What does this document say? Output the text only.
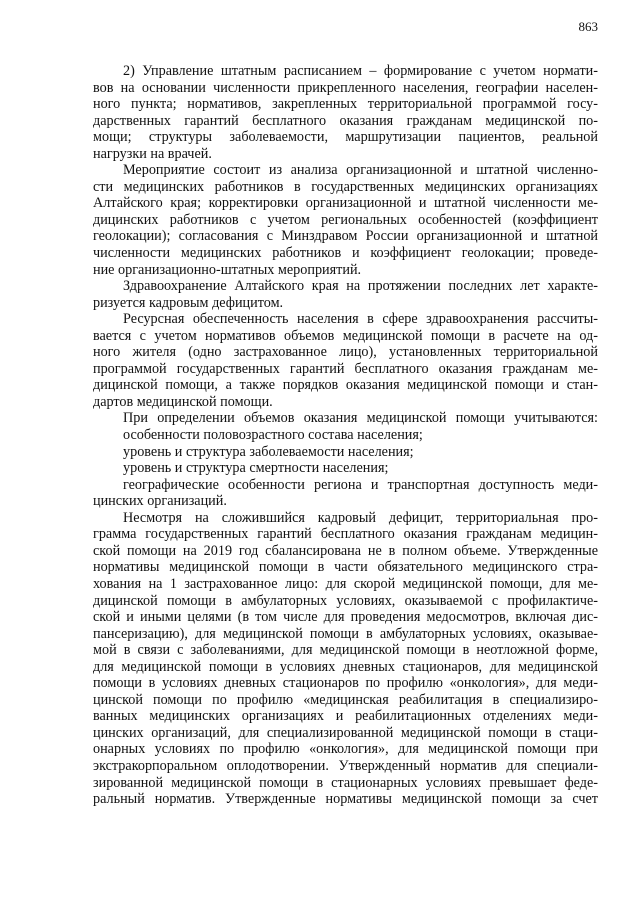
863
2) Управление штатным расписанием – формирование с учетом нормати-
вов на основании численности прикрепленного населения, географии населен-
ного пункта; нормативов, закрепленных территориальной программой госу-
дарственных гарантий бесплатного оказания гражданам медицинской по-
мощи; структуры заболеваемости, маршрутизации пациентов, реальной
нагрузки на врачей.
Мероприятие состоит из анализа организационной и штатной численно-
сти медицинских работников в государственных медицинских организациях
Алтайского края; корректировки организационной и штатной численности ме-
дицинских работников с учетом региональных особенностей (коэффициент
геолокации); согласования с Минздравом России организационной и штатной
численности медицинских работников и коэффициент геолокации; проведе-
ние организационно-штатных мероприятий.
Здравоохранение Алтайского края на протяжении последних лет характе-
ризуется кадровым дефицитом.
Ресурсная обеспеченность населения в сфере здравоохранения рассчиты-
вается с учетом нормативов объемов медицинской помощи в расчете на од-
ного жителя (одно застрахованное лицо), установленных территориальной
программой государственных гарантий бесплатного оказания гражданам ме-
дицинской помощи, а также порядков оказания медицинской помощи и стан-
дартов медицинской помощи.
При определении объемов оказания медицинской помощи учитываются:
особенности половозрастного состава населения;
уровень и структура заболеваемости населения;
уровень и структура смертности населения;
географические особенности региона и транспортная доступность меди-
цинских организаций.
Несмотря на сложившийся кадровый дефицит, территориальная про-
грамма государственных гарантий бесплатного оказания гражданам медицин-
ской помощи на 2019 год сбалансирована не в полном объеме. Утвержденные
нормативы медицинской помощи в части обязательного медицинского стра-
хования на 1 застрахованное лицо: для скорой медицинской помощи, для ме-
дицинской помощи в амбулаторных условиях, оказываемой с профилактиче-
ской и иными целями (в том числе для проведения медосмотров, включая дис-
пансеризацию), для медицинской помощи в амбулаторных условиях, оказывае-
мой в связи с заболеваниями, для медицинской помощи в неотложной форме,
для медицинской помощи в условиях дневных стационаров, для медицинской
помощи в условиях дневных стационаров по профилю «онкология», для меди-
цинской помощи по профилю «медицинская реабилитация в специализиро-
ванных медицинских организациях и реабилитационных отделениях меди-
цинских организаций, для специализированной медицинской помощи в стаци-
онарных условиях по профилю «онкология», для медицинской помощи при
экстракорпоральном оплодотворении. Утвержденный норматив для специали-
зированной медицинской помощи в стационарных условиях превышает феде-
ральный норматив. Утвержденные нормативы медицинской помощи за счет
